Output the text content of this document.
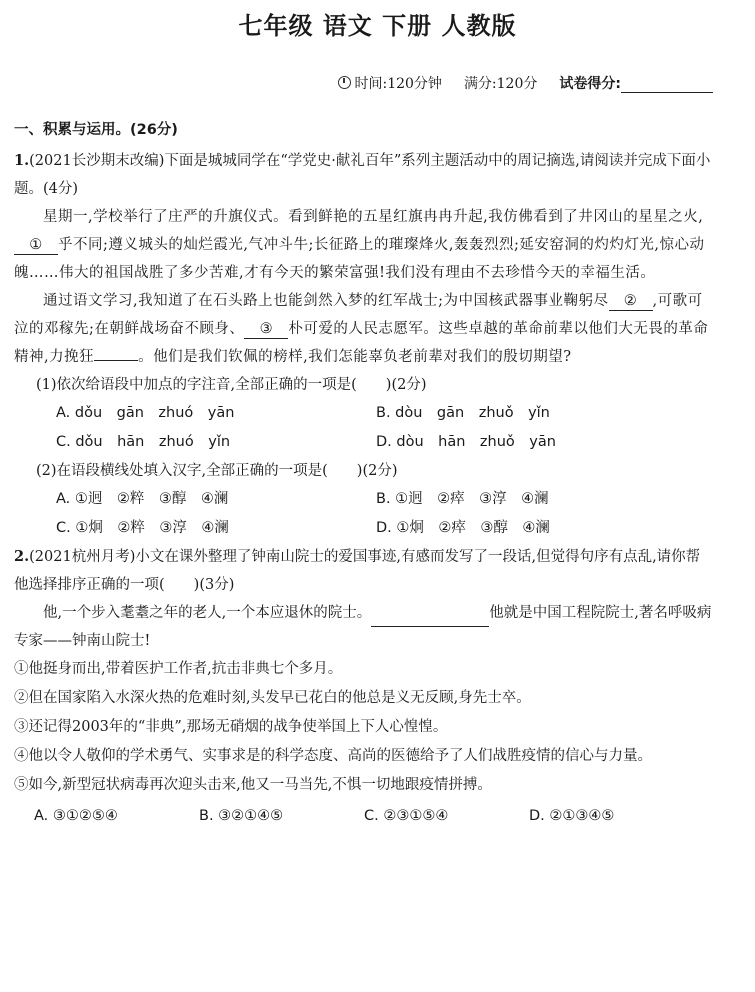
七年级 语文 下册 人教版
时间:120分钟 满分:120分 试卷得分:
一、积累与运用。(26分)

1.(2021长沙期末改编)下面是城城同学在“学党史·献礼百年”系列主题活动中的周记摘选,请阅读并完成下面小题。(4分)

星期一,学校举行了庄严的升旗仪式。看到鲜艳的五星红旗冉冉升起,我仿佛看到了井冈山的星星之火,① 乎不同;遵义城头的灿烂霞光,气冲斗牛;长征路上的璀璨烽火,轰轰烈烈;延安窑洞的灼灼灯光,惊心动魄……伟大的祖国战胜了多少苦难,才有今天的繁荣富强!我们没有理由不去珍惜今天的幸福生活。

通过语文学习,我知道了在石头路上也能剑然入梦的红军战士;为中国核武器事业鞠躬尽 ② ,可歌可泣的邓稼先;在朝鲜战场奋不顾身、 ③ 朴可爱的人民志愿军。这些卓越的革命前辈以他们大无畏的革命精神,力挽狂	。他们是我们钦佩的榜样,我们怎能辜负老前辈对我们的殷切期望?

(1)依次给语段中加点的字注音,全部正确的一项是(　　)(2分)

A. dǒu　gān　zhuó　yān	B. dòu　gān　zhuǒ　yǐn
C. dǒu　hān　zhuó　yǐn	D. dòu　hān　zhuǒ　yān

(2)在语段横线处填入汉字,全部正确的一项是(　　)(2分)

A. ①迥　②粹　③醇　④澜	B. ①迥　②瘁　③淳　④澜
C. ①炯　②粹　③淳　④澜	D. ①炯　②瘁　③醇　④澜

2.(2021杭州月考)小文在课外整理了钟南山院士的爱国事迹,有感而发写了一段话,但觉得句序有点乱,请你帮他选择排序正确的一项(　　)(3分)

他,一个步入耄耋之年的老人,一个本应退休的院士。	他就是中国工程院院士,著名呼吸病专家——钟南山院士!

①他挺身而出,带着医护工作者,抗击非典七个多月。

②但在国家陷入水深火热的危难时刻,头发早已花白的他总是义无反顾,身先士卒。

③还记得2003年的“非典”,那场无硝烟的战争使举国上下人心惶惶。

④他以令人敬仰的学术勇气、实事求是的科学态度、高尚的医德给予了人们战胜疫情的信心与力量。

⑤如今,新型冠状病毒再次迎头击来,他又一马当先,不惧一切地跟疫情拼搏。

A. ③①②⑤④	B. ③②①④⑤	C. ②③①⑤④	D. ②①③④⑤
